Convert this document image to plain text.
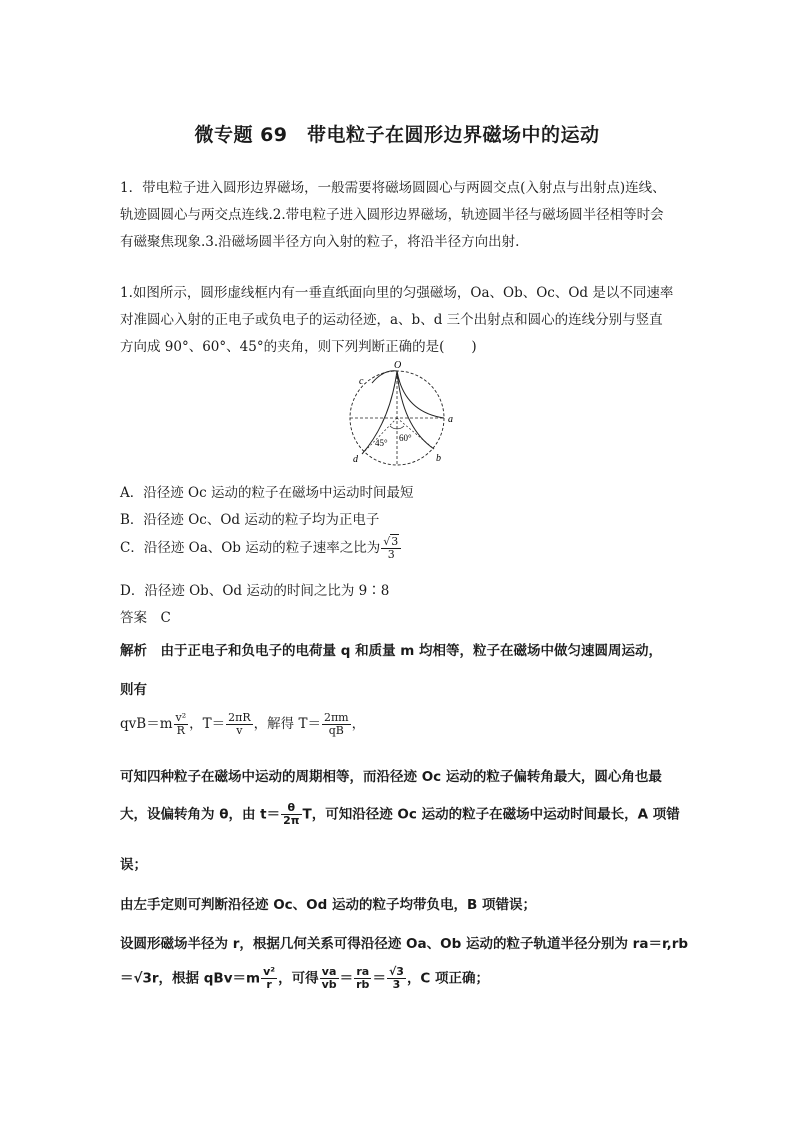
微专题 69　带电粒子在圆形边界磁场中的运动
1．带电粒子进入圆形边界磁场，一般需要将磁场圆圆心与两圆交点(入射点与出射点)连线、
轨迹圆圆心与两交点连线.2.带电粒子进入圆形边界磁场，轨迹圆半径与磁场圆半径相等时会
有磁聚焦现象.3.沿磁场圆半径方向入射的粒子，将沿半径方向出射.
1.如图所示，圆形虚线框内有一垂直纸面向里的匀强磁场，Oa、Ob、Oc、Od 是以不同速率
对准圆心入射的正电子或负电子的运动径迹，a、b、d 三个出射点和圆心的连线分别与竖直
方向成 90°、60°、45°的夹角，则下列判断正确的是(　　)
O
a
b
c
d
45° 60°
A．沿径迹 Oc 运动的粒子在磁场中运动时间最短
B．沿径迹 Oc、Od 运动的粒子均为正电子
C．沿径迹 Oa、Ob 运动的粒子速率之比为 $\frac{√3}{3}$
D．沿径迹 Ob、Od 运动的时间之比为 9∶8
答案　C
解析　 由于正电子和负电子的电荷量 q 和质量 m 均相等，粒子在磁场中做匀速圆周运动，
则有
$qvB=m \frac{\text{v²}}{R}$ ，$T= \frac{2\pi R}{v}$ ，解得 $T= \frac{2\pi m}{qB}$ ，
可知四种粒子在磁场中运动的周期相等，而沿径迹 Oc 运动的粒子偏转角最大，圆心角也最
大，设偏转角为 θ，由 $t= \frac{\theta}{2\pi}$ T，可知沿径迹 Oc 运动的粒子在磁场中运动时间最长，A 项错
误；
由左手定则可判断沿径迹 Oc、Od 运动的粒子均带负电，B 项错误；
设圆形磁场半径为 r，根据几何关系可得沿径迹 Oa、Ob 运动的粒子轨道半径分别为 ra＝r,rb
＝√3r，根据 $qBv=m \frac{\text{v²}}{r}$ ，可得 $\frac{va}{vb} = \frac{ra}{rb} = \frac{√3}{3}$ ，C 项正确；
